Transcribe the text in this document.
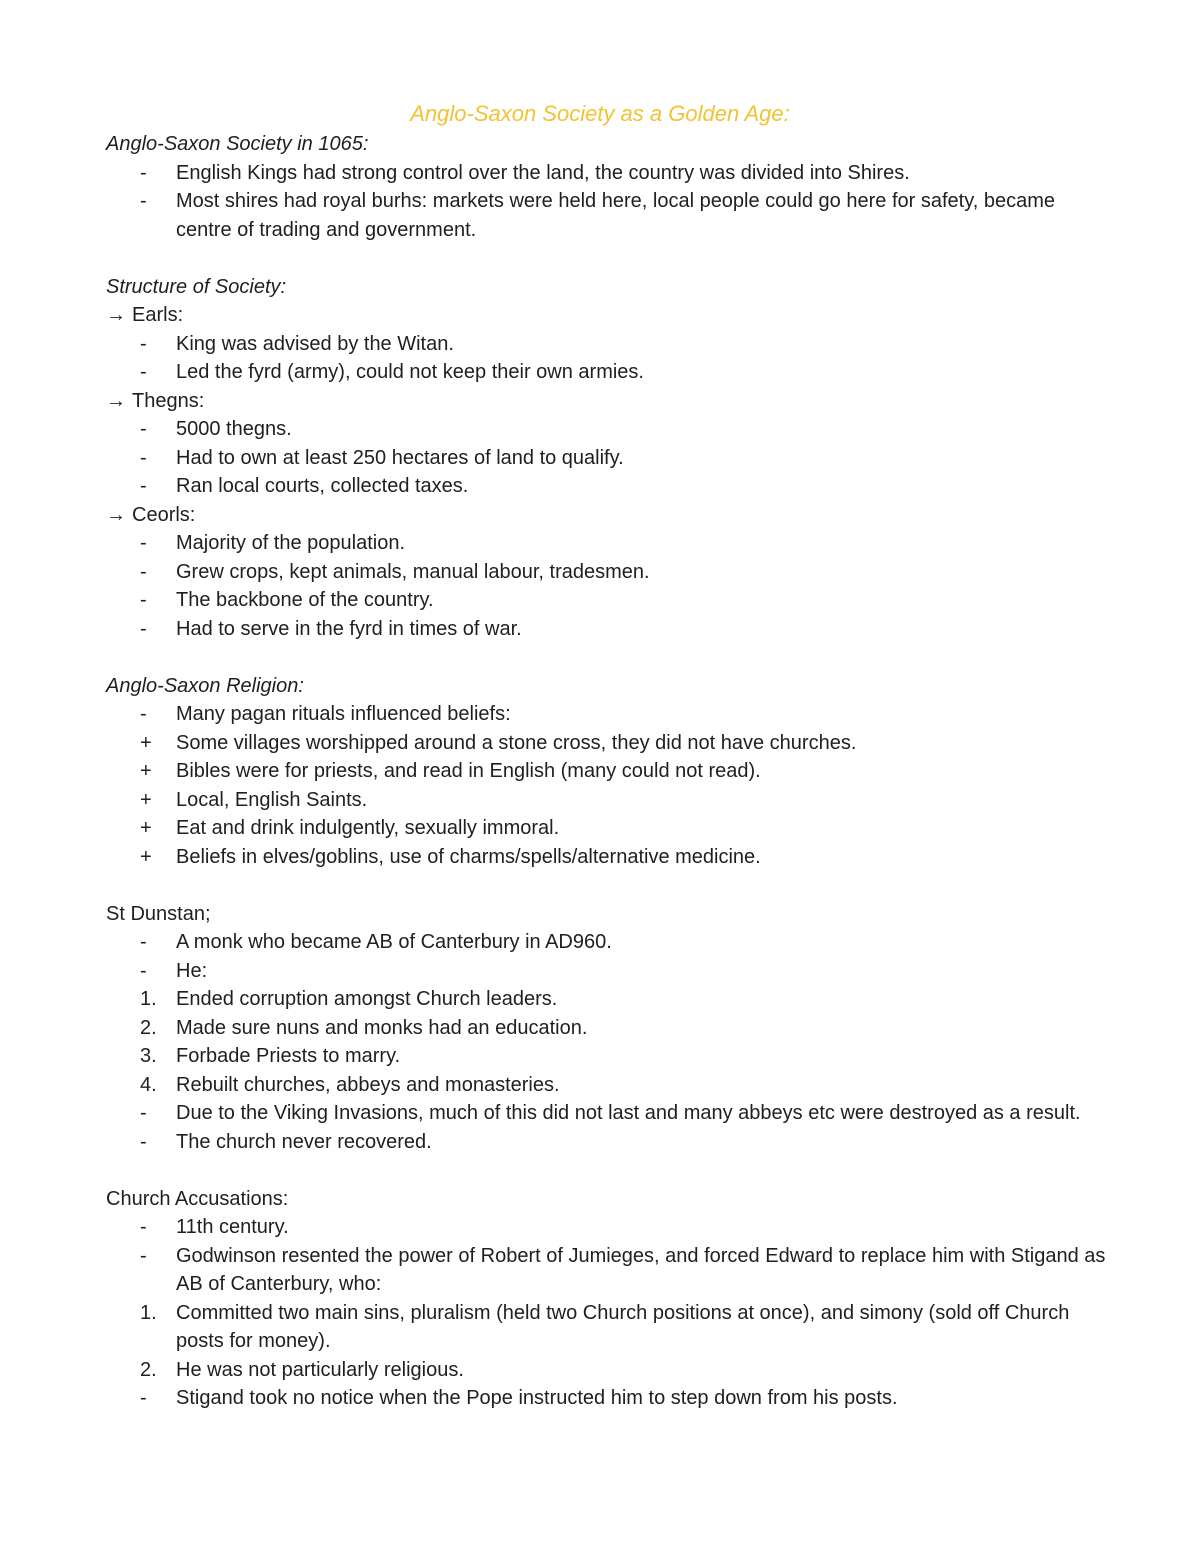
Anglo-Saxon Society as a Golden Age:
Anglo-Saxon Society in 1065:
-	English Kings had strong control over the land, the country was divided into Shires.
-	Most shires had royal burhs: markets were held here, local people could go here for safety, became centre of trading and government.
Structure of Society:
→ Earls:
-	King was advised by the Witan.
-	Led the fyrd (army), could not keep their own armies.
→ Thegns:
-	5000 thegns.
-	Had to own at least 250 hectares of land to qualify.
-	Ran local courts, collected taxes.
→ Ceorls:
-	Majority of the population.
-	Grew crops, kept animals, manual labour, tradesmen.
-	The backbone of the country.
-	Had to serve in the fyrd in times of war.
Anglo-Saxon Religion:
-	Many pagan rituals influenced beliefs:
+	Some villages worshipped around a stone cross, they did not have churches.
+	Bibles were for priests, and read in English (many could not read).
+	Local, English Saints.
+	Eat and drink indulgently, sexually immoral.
+	Beliefs in elves/goblins, use of charms/spells/alternative medicine.
St Dunstan;
-	A monk who became AB of Canterbury in AD960.
-	He:
1. Ended corruption amongst Church leaders.
2. Made sure nuns and monks had an education.
3. Forbade Priests to marry.
4. Rebuilt churches, abbeys and monasteries.
-	Due to the Viking Invasions, much of this did not last and many abbeys etc were destroyed as a result.
-	The church never recovered.
Church Accusations:
-	11th century.
-	Godwinson resented the power of Robert of Jumieges, and forced Edward to replace him with Stigand as AB of Canterbury, who:
1. Committed two main sins, pluralism (held two Church positions at once), and simony (sold off Church posts for money).
2. He was not particularly religious.
-	Stigand took no notice when the Pope instructed him to step down from his posts.
